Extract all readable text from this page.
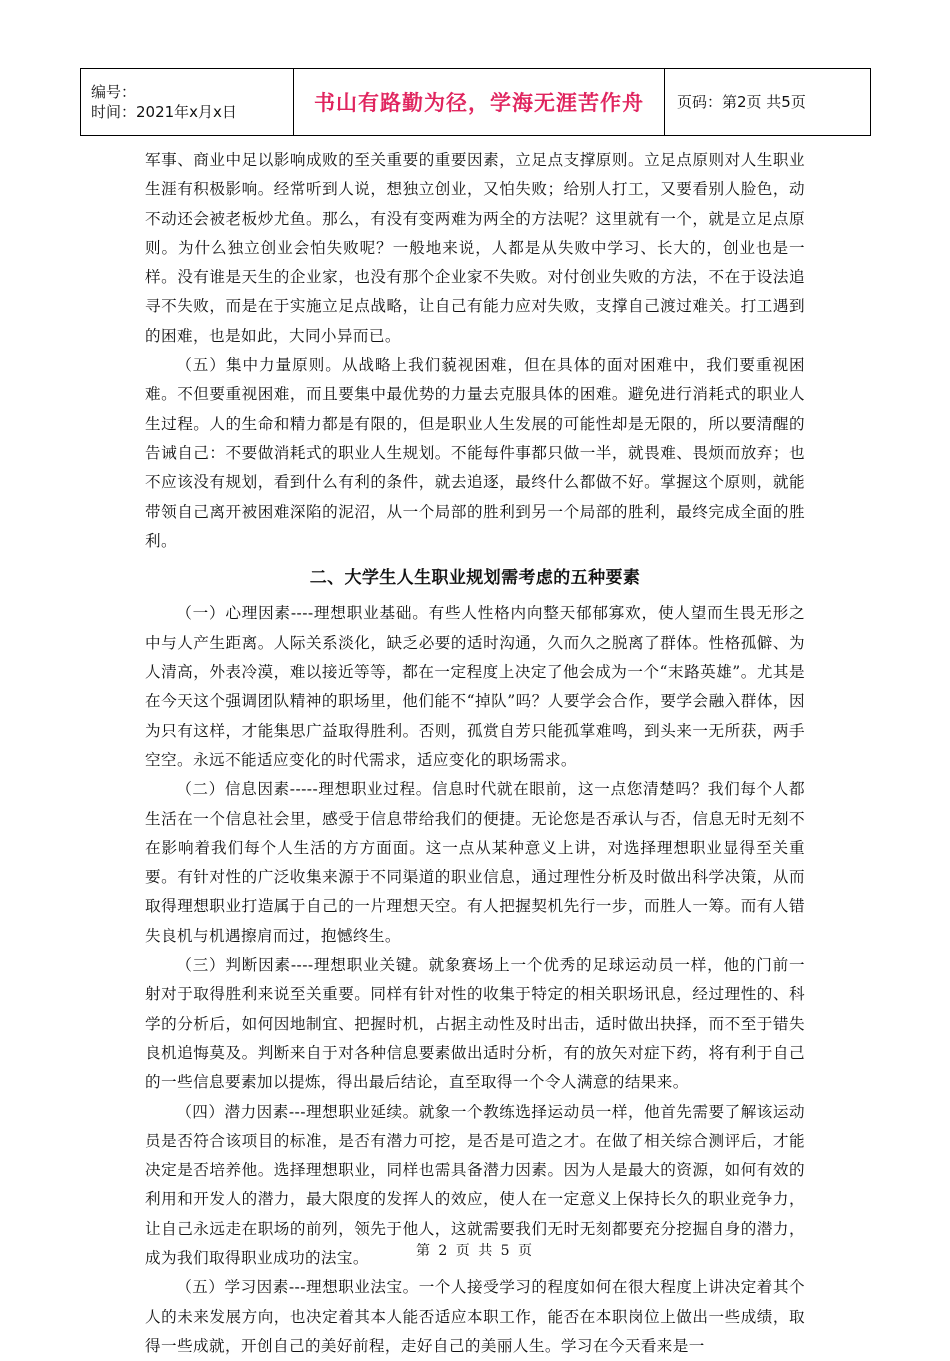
编号：
时间：2021年x月x日	书山有路勤为径，学海无涯苦作舟	页码：第2页 共5页

军事、商业中足以影响成败的至关重要的重要因素，立足点支撑原则。立足点原则对人生职业生涯有积极影响。经常听到人说，想独立创业，又怕失败；给别人打工，又要看别人脸色，动不动还会被老板炒尤鱼。那么，有没有变两难为两全的方法呢？这里就有一个，就是立足点原则。为什么独立创业会怕失败呢？一般地来说，人都是从失败中学习、长大的，创业也是一样。没有谁是天生的企业家，也没有那个企业家不失败。对付创业失败的方法，不在于设法追寻不失败，而是在于实施立足点战略，让自己有能力应对失败，支撑自己渡过难关。打工遇到的困难，也是如此，大同小异而已。

（五）集中力量原则。从战略上我们藐视困难，但在具体的面对困难中，我们要重视困难。不但要重视困难，而且要集中最优势的力量去克服具体的困难。避免进行消耗式的职业人生过程。人的生命和精力都是有限的，但是职业人生发展的可能性却是无限的，所以要清醒的告诫自己：不要做消耗式的职业人生规划。不能每件事都只做一半，就畏难、畏烦而放弃；也不应该没有规划，看到什么有利的条件，就去追逐，最终什么都做不好。掌握这个原则，就能带领自己离开被困难深陷的泥沼，从一个局部的胜利到另一个局部的胜利，最终完成全面的胜利。

二、大学生人生职业规划需考虑的五种要素

（一）心理因素----理想职业基础。有些人性格内向整天郁郁寡欢，使人望而生畏无形之中与人产生距离。人际关系淡化，缺乏必要的适时沟通，久而久之脱离了群体。性格孤僻、为人清高，外表冷漠，难以接近等等，都在一定程度上决定了他会成为一个“末路英雄”。尤其是在今天这个强调团队精神的职场里，他们能不“掉队”吗？人要学会合作，要学会融入群体，因为只有这样，才能集思广益取得胜利。否则，孤赏自芳只能孤掌难鸣，到头来一无所获，两手空空。永远不能适应变化的时代需求，适应变化的职场需求。

（二）信息因素-----理想职业过程。信息时代就在眼前，这一点您清楚吗？我们每个人都生活在一个信息社会里，感受于信息带给我们的便捷。无论您是否承认与否，信息无时无刻不在影响着我们每个人生活的方方面面。这一点从某种意义上讲，对选择理想职业显得至关重要。有针对性的广泛收集来源于不同渠道的职业信息，通过理性分析及时做出科学决策，从而取得理想职业打造属于自己的一片理想天空。有人把握契机先行一步，而胜人一筹。而有人错失良机与机遇擦肩而过，抱憾终生。

（三）判断因素----理想职业关键。就象赛场上一个优秀的足球运动员一样，他的门前一射对于取得胜利来说至关重要。同样有针对性的收集于特定的相关职场讯息，经过理性的、科学的分析后，如何因地制宜、把握时机，占据主动性及时出击，适时做出抉择，而不至于错失良机追悔莫及。判断来自于对各种信息要素做出适时分析，有的放矢对症下药，将有利于自己的一些信息要素加以提炼，得出最后结论，直至取得一个令人满意的结果来。

（四）潜力因素---理想职业延续。就象一个教练选择运动员一样，他首先需要了解该运动员是否符合该项目的标准，是否有潜力可挖，是否是可造之才。在做了相关综合测评后，才能决定是否培养他。选择理想职业，同样也需具备潜力因素。因为人是最大的资源，如何有效的利用和开发人的潜力，最大限度的发挥人的效应，使人在一定意义上保持长久的职业竞争力，让自己永远走在职场的前列，领先于他人，这就需要我们无时无刻都要充分挖掘自身的潜力，成为我们取得职业成功的法宝。

（五）学习因素---理想职业法宝。一个人接受学习的程度如何在很大程度上讲决定着其个人的未来发展方向，也决定着其本人能否适应本职工作，能否在本职岗位上做出一些成绩，取得一些成就，开创自己的美好前程，走好自己的美丽人生。学习在今天看来是一

第 2 页 共 5 页
